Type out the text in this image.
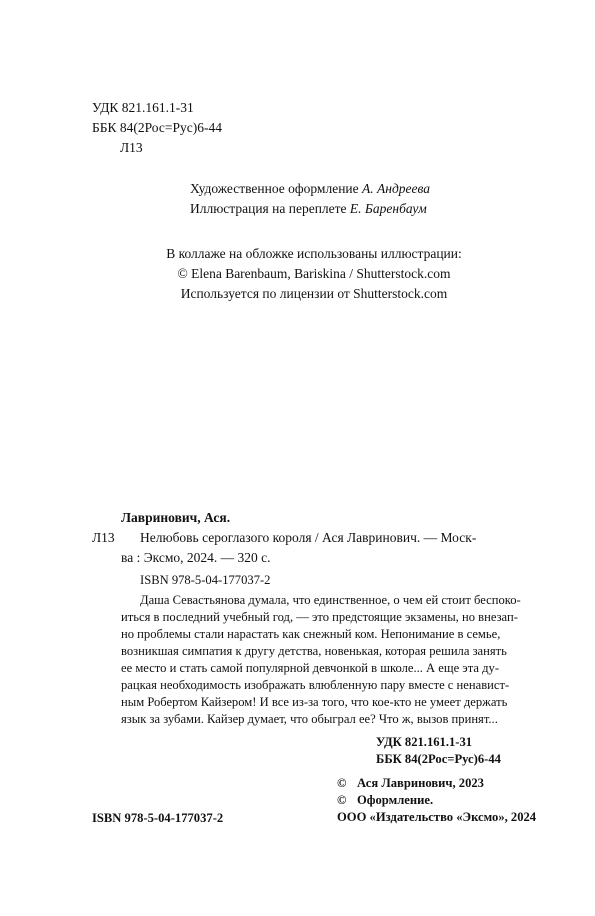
УДК 821.161.1-31
ББК 84(2Рос=Рус)6-44
Л13
Художественное оформление А. Андреева
Иллюстрация на переплете Е. Баренбаум
В коллаже на обложке использованы иллюстрации:
© Elena Barenbaum, Bariskina / Shutterstock.com
Используется по лицензии от Shutterstock.com
Лавринович, Ася.
Л13 Нелюбовь сероглазого короля / Ася Лавринович. — Моск-
ва : Эксмо, 2024. — 320 с.
ISBN 978-5-04-177037-2
Даша Севастьянова думала, что единственное, о чем ей стоит беспоко-
иться в последний учебный год, — это предстоящие экзамены, но внезап-
но проблемы стали нарастать как снежный ком. Непонимание в семье,
возникшая симпатия к другу детства, новенькая, которая решила занять
ее место и стать самой популярной девчонкой в школе... А еще эта ду-
рацкая необходимость изображать влюбленную пару вместе с ненавист-
ным Робертом Кайзером! И все из-за того, что кое-кто не умеет держать
язык за зубами. Кайзер думает, что обыграл ее? Что ж, вызов принят...
УДК 821.161.1-31
ББК 84(2Рос=Рус)6-44
ISBN 978-5-04-177037-2
© Ася Лавринович, 2023
© Оформление.
ООО «Издательство «Эксмо», 2024
